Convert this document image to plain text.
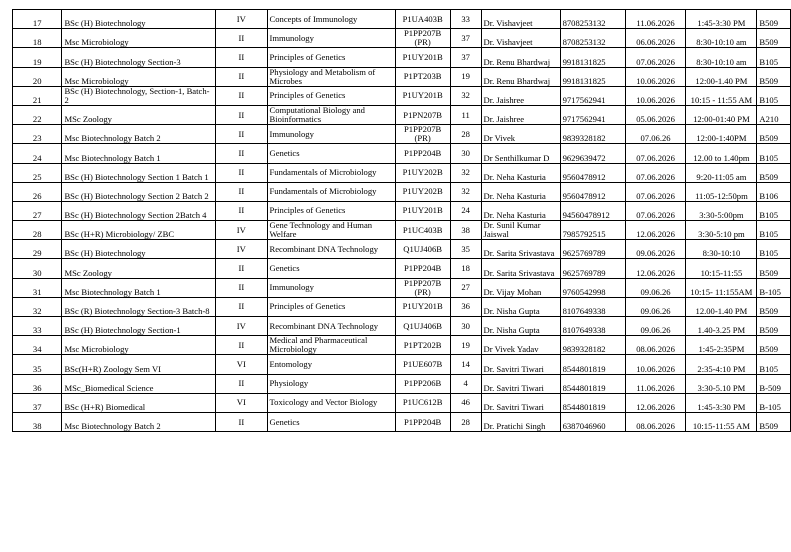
17	BSc (H) Biotechnology	IV	Concepts of Immunology	P1UA403B	33	Dr. Vishavjeet	8708253132	11.06.2026	1:45-3:30 PM	B509
18	Msc Microbiology	II	Immunology	P1PP207B (PR)	37	Dr. Vishavjeet	8708253132	06.06.2026	8:30-10:10 am	B509
19	BSc (H) Biotechnology Section-3	II	Principles of Genetics	P1UY201B	37	Dr. Renu Bhardwaj	9918131825	07.06.2026	8:30-10:10 am	B105
20	Msc Microbiology	II	Physiology and Metabolism of Microbes	P1PT203B	19	Dr. Renu Bhardwaj	9918131825	10.06.2026	12:00-1.40 PM	B509
21	BSc (H) Biotechnology, Section-1, Batch-2	II	Principles of Genetics	P1UY201B	32	Dr. Jaishree	9717562941	10.06.2026	10:15 - 11:55 AM	B105
22	MSc Zoology	II	Computational Biology and Bioinformatics	P1PN207B	11	Dr. Jaishree	9717562941	05.06.2026	12:00-01:40 PM	A210
23	Msc Biotechnology Batch 2	II	Immunology	P1PP207B (PR)	28	Dr Vivek	9839328182	07.06.26	12:00-1:40PM	B509
24	Msc Biotechnology Batch 1	II	Genetics	P1PP204B	30	Dr Senthilkumar D	9629639472	07.06.2026	12.00 to 1.40pm	B105
25	BSc (H) Biotechnology Section 1 Batch 1	II	Fundamentals of Microbiology	P1UY202B	32	Dr. Neha Kasturia	9560478912	07.06.2026	9:20-11:05 am	B509
26	BSc (H) Biotechnology Section 2 Batch 2	II	Fundamentals of Microbiology	P1UY202B	32	Dr. Neha Kasturia	9560478912	07.06.2026	11:05-12:50pm	B106
27	BSc (H) Biotechnology Section 2Batch 4	II	Principles of Genetics	P1UY201B	24	Dr. Neha Kasturia	94560478912	07.06.2026	3:30-5:00pm	B105
28	BSc (H+R) Microbiology/ ZBC	IV	Gene Technology and Human Welfare	P1UC403B	38	Dr. Sunil Kumar Jaiswal	7985792515	12.06.2026	3:30-5:10 pm	B105
29	BSc (H) Biotechnology	IV	Recombinant DNA Technology	Q1UJ406B	35	Dr. Sarita Srivastava	9625769789	09.06.2026	8:30-10:10	B105
30	MSc Zoology	II	Genetics	P1PP204B	18	Dr. Sarita Srivastava	9625769789	12.06.2026	10:15-11:55	B509
31	Msc Biotechnology Batch 1	II	Immunology	P1PP207B (PR)	27	Dr. Vijay Mohan	9760542998	09.06.26	10:15- 11:155AM	B-105
32	BSc (R) Biotechnology Section-3 Batch-8	II	Principles of Genetics	P1UY201B	36	Dr. Nisha Gupta	8107649338	09.06.26	12.00-1.40 PM	B509
33	BSc (H) Biotechnology Section-1	IV	Recombinant DNA Technology	Q1UJ406B	30	Dr. Nisha Gupta	8107649338	09.06.26	1.40-3.25 PM	B509
34	Msc Microbiology	II	Medical and Pharmaceutical Microbiology	P1PT202B	19	Dr Vivek Yadav	9839328182	08.06.2026	1:45-2:35PM	B509
35	BSc(H+R) Zoology Sem VI	VI	Entomology	P1UE607B	14	Dr. Savitri Tiwari	8544801819	10.06.2026	2:35-4:10 PM	B105
36	MSc_Biomedical Science	II	Physiology	P1PP206B	4	Dr. Savitri Tiwari	8544801819	11.06.2026	3:30-5.10 PM	B-509
37	BSc (H+R) Biomedical	VI	Toxicology and Vector Biology	P1UC612B	46	Dr. Savitri Tiwari	8544801819	12.06.2026	1:45-3:30 PM	B-105
38	Msc Biotechnology Batch 2	II	Genetics	P1PP204B	28	Dr. Pratichi Singh	6387046960	08.06.2026	10:15-11:55 AM	B509
